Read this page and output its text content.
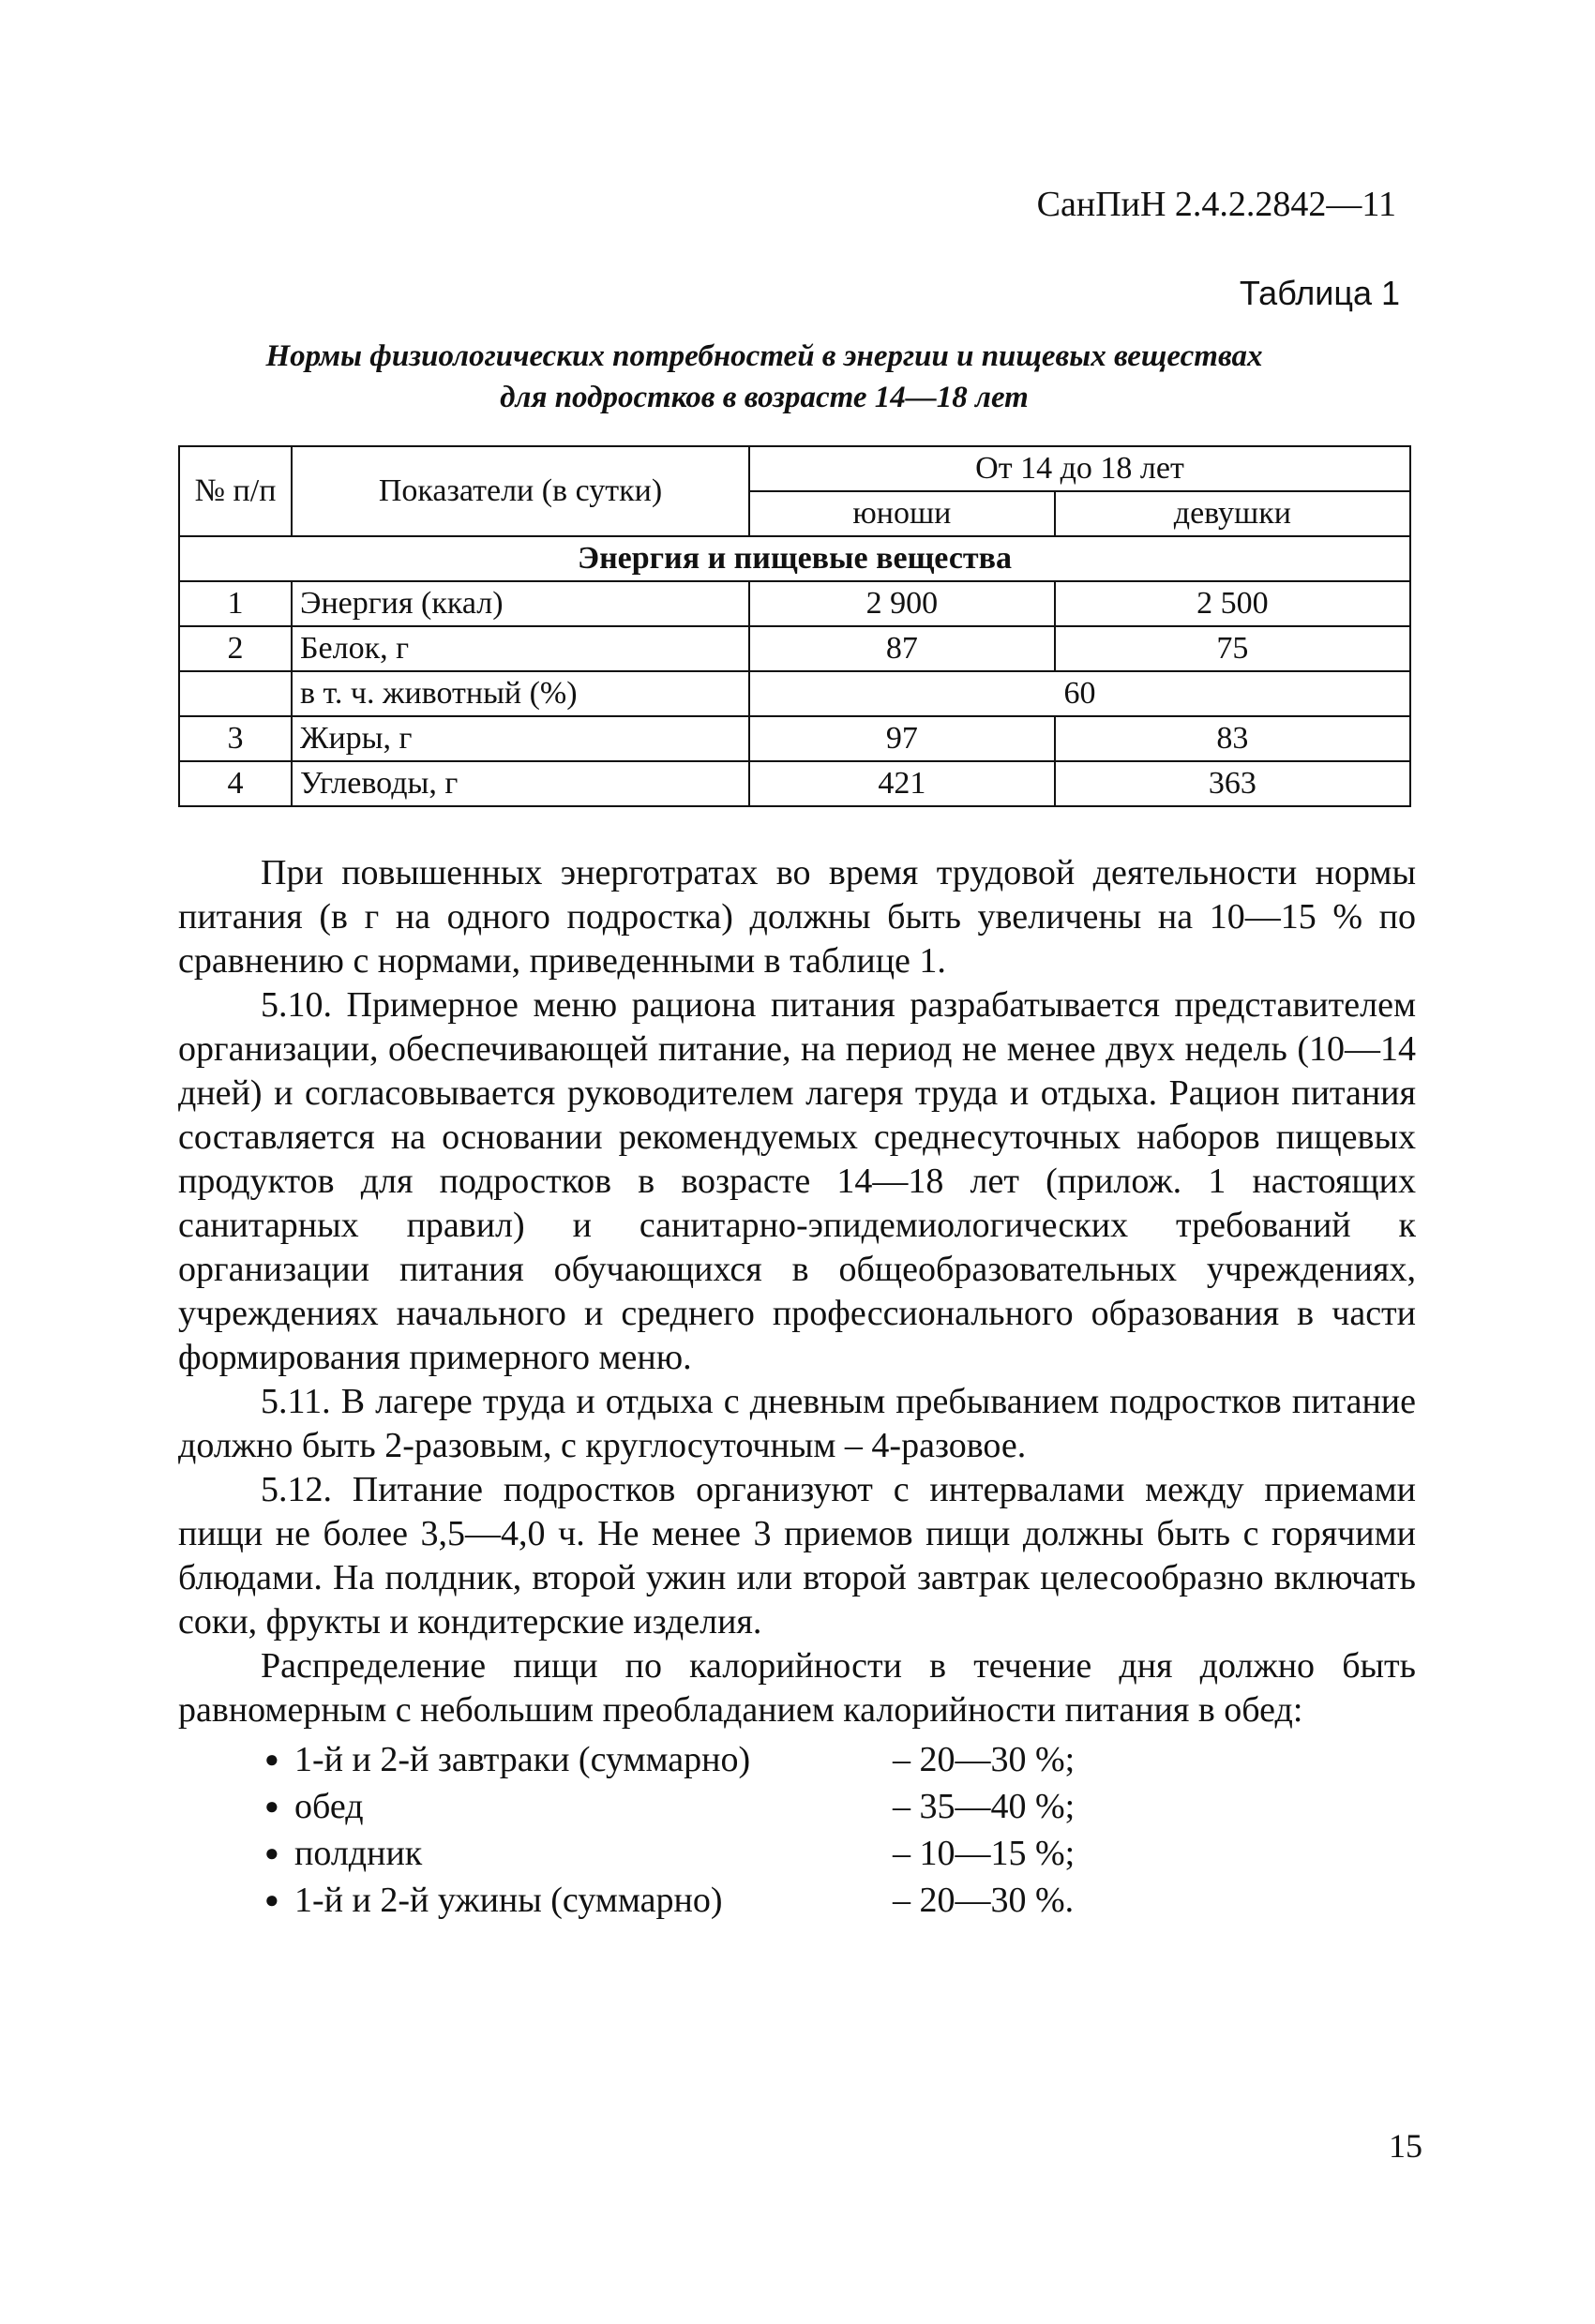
СанПиН 2.4.2.2842—11
Таблица 1
Нормы физиологических потребностей в энергии и пищевых веществах
для подростков в возрасте 14—18 лет
№ п/п	Показатели (в сутки)	От 14 до 18 лет	
		юноши	девушки
Энергия и пищевые вещества			
1	Энергия (ккал)	2 900	2 500
2	Белок, г	87	75
	в т. ч. животный (%)	60	
3	Жиры, г	97	83
4	Углеводы, г	421	363

При повышенных энерготратах во время трудовой деятельности нормы питания (в г на одного подростка) должны быть увеличены на 10—15 % по сравнению с нормами, приведенными в таблице 1.

5.10. Примерное меню рациона питания разрабатывается представителем организации, обеспечивающей питание, на период не менее двух недель (10—14 дней) и согласовывается руководителем лагеря труда и отдыха. Рацион питания составляется на основании рекомендуемых среднесуточных наборов пищевых продуктов для подростков в возрасте 14—18 лет (прилож. 1 настоящих санитарных правил) и санитарно-эпидемиологических требований к организации питания обучающихся в общеобразовательных учреждениях, учреждениях начального и среднего профессионального образования в части формирования примерного меню.

5.11. В лагере труда и отдыха с дневным пребыванием подростков питание должно быть 2-разовым, с круглосуточным – 4-разовое.

5.12. Питание подростков организуют с интервалами между приемами пищи не более 3,5—4,0 ч. Не менее 3 приемов пищи должны быть с горячими блюдами. На полдник, второй ужин или второй завтрак целесообразно включать соки, фрукты и кондитерские изделия.

Распределение пищи по калорийности в течение дня должно быть равномерным с небольшим преобладанием калорийности питания в обед:

● 1-й и 2-й завтраки (суммарно)	– 20—30 %;
● обед	– 35—40 %;
● полдник	– 10—15 %;
● 1-й и 2-й ужины (суммарно)	– 20—30 %.
15
